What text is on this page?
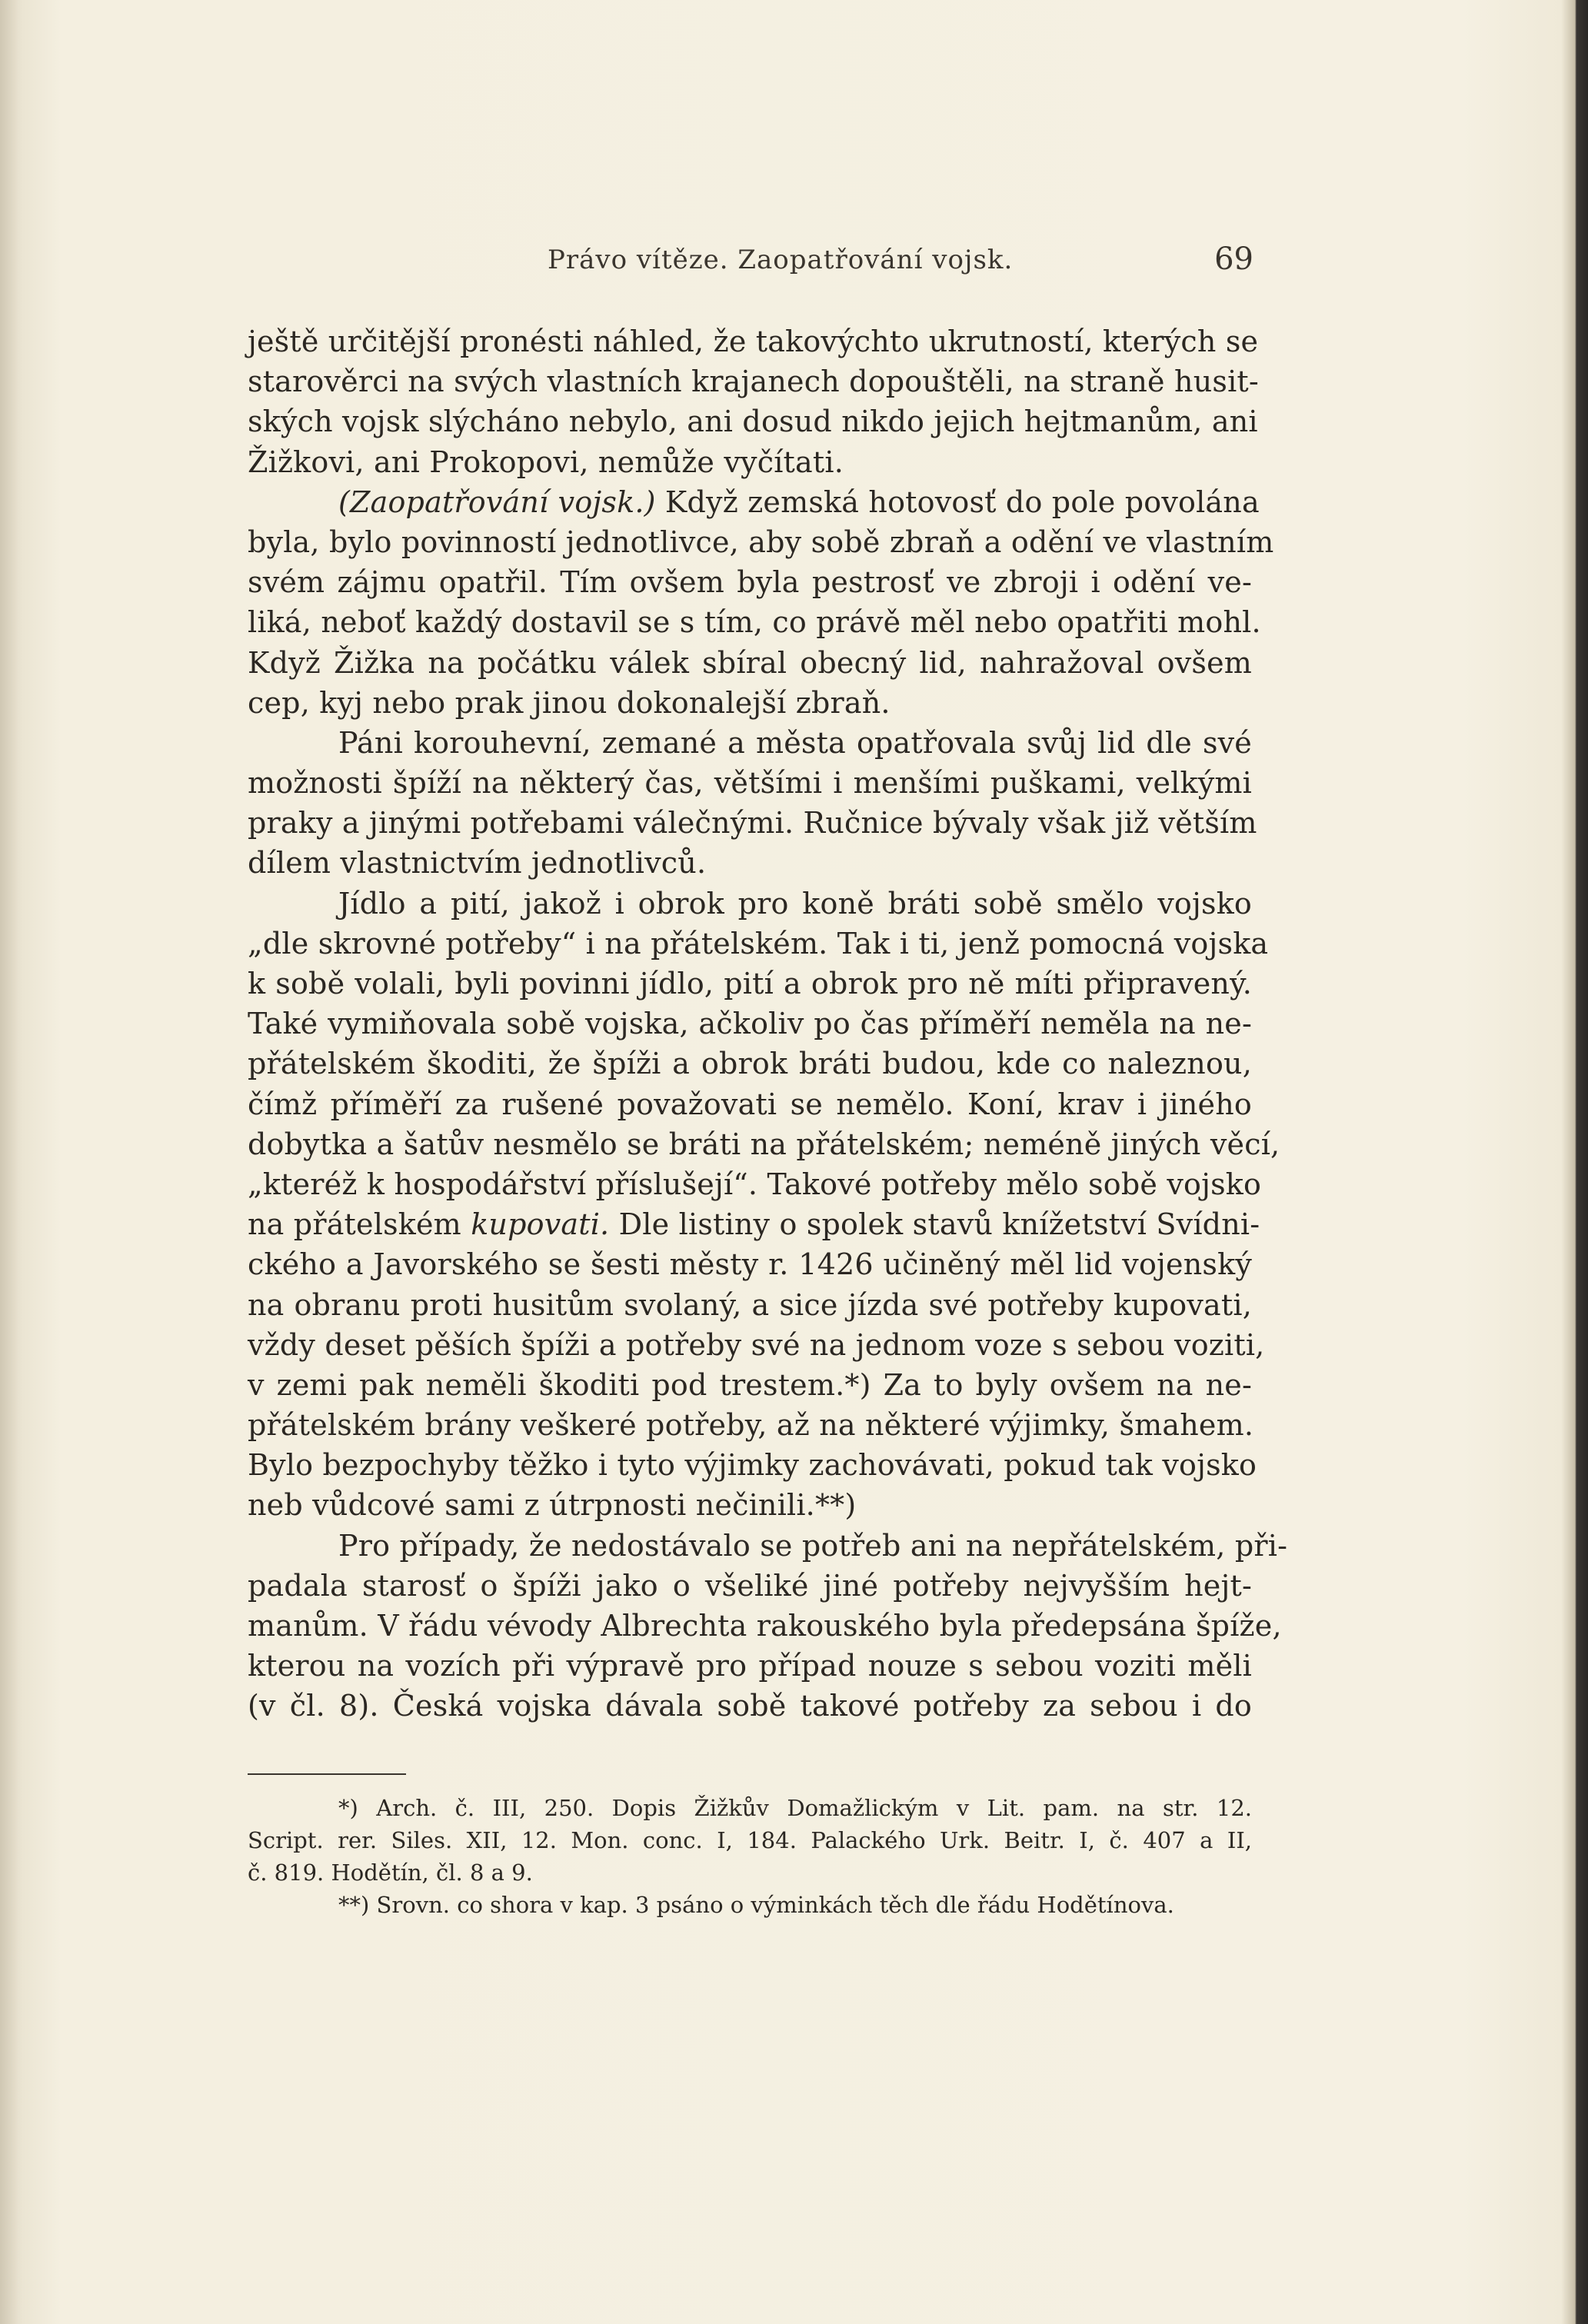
Právo vítěze. Zaopatřování vojsk.	69
ještě určitější pronésti náhled, že takovýchto ukrutností, kterých se
starověrci na svých vlastních krajanech dopouštěli, na straně husit-
ských vojsk slýcháno nebylo, ani dosud nikdo jejich hejtmanům, ani
Žižkovi, ani Prokopovi, nemůže vyčítati.
(Zaopatřování vojsk.) Když zemská hotovosť do pole povolána
byla, bylo povinností jednotlivce, aby sobě zbraň a odění ve vlastním
svém zájmu opatřil. Tím ovšem byla pestrosť ve zbroji i odění ve-
liká, neboť každý dostavil se s tím, co právě měl nebo opatřiti mohl.
Když Žižka na počátku válek sbíral obecný lid, nahražoval ovšem
cep, kyj nebo prak jinou dokonalejší zbraň.
Páni korouhevní, zemané a města opatřovala svůj lid dle své
možnosti špíží na některý čas, většími i menšími puškami, velkými
praky a jinými potřebami válečnými. Ručnice bývaly však již větším
dílem vlastnictvím jednotlivců.
Jídlo a pití, jakož i obrok pro koně bráti sobě smělo vojsko
„dle skrovné potřeby“ i na přátelském. Tak i ti, jenž pomocná vojska
k sobě volali, byli povinni jídlo, pití a obrok pro ně míti připravený.
Také vymiňovala sobě vojska, ačkoliv po čas příměří neměla na ne-
přátelském škoditi, že špíži a obrok bráti budou, kde co naleznou,
čímž příměří za rušené považovati se nemělo. Koní, krav i jiného
dobytka a šatův nesmělo se bráti na přátelském; neméně jiných věcí,
„kteréž k hospodářství příslušejí“. Takové potřeby mělo sobě vojsko
na přátelském kupovati. Dle listiny o spolek stavů knížetství Svídni-
ckého a Javorského se šesti městy r. 1426 učiněný měl lid vojenský
na obranu proti husitům svolaný, a sice jízda své potřeby kupovati,
vždy deset pěších špíži a potřeby své na jednom voze s sebou voziti,
v zemi pak neměli škoditi pod trestem.*) Za to byly ovšem na ne-
přátelském brány veškeré potřeby, až na některé výjimky, šmahem.
Bylo bezpochyby těžko i tyto výjimky zachovávati, pokud tak vojsko
neb vůdcové sami z útrpnosti nečinili.**)
Pro případy, že nedostávalo se potřeb ani na nepřátelském, při-
padala starosť o špíži jako o všeliké jiné potřeby nejvyšším hejt-
manům. V řádu vévody Albrechta rakouského byla předepsána špíže,
kterou na vozích při výpravě pro případ nouze s sebou voziti měli
(v čl. 8). Česká vojska dávala sobě takové potřeby za sebou i do
*) Arch. č. III, 250. Dopis Žižkův Domažlickým v Lit. pam. na str. 12.
Script. rer. Siles. XII, 12. Mon. conc. I, 184. Palackého Urk. Beitr. I, č. 407 a II,
č. 819. Hodětín, čl. 8 a 9.
**) Srovn. co shora v kap. 3 psáno o výminkách těch dle řádu Hodětínova.
